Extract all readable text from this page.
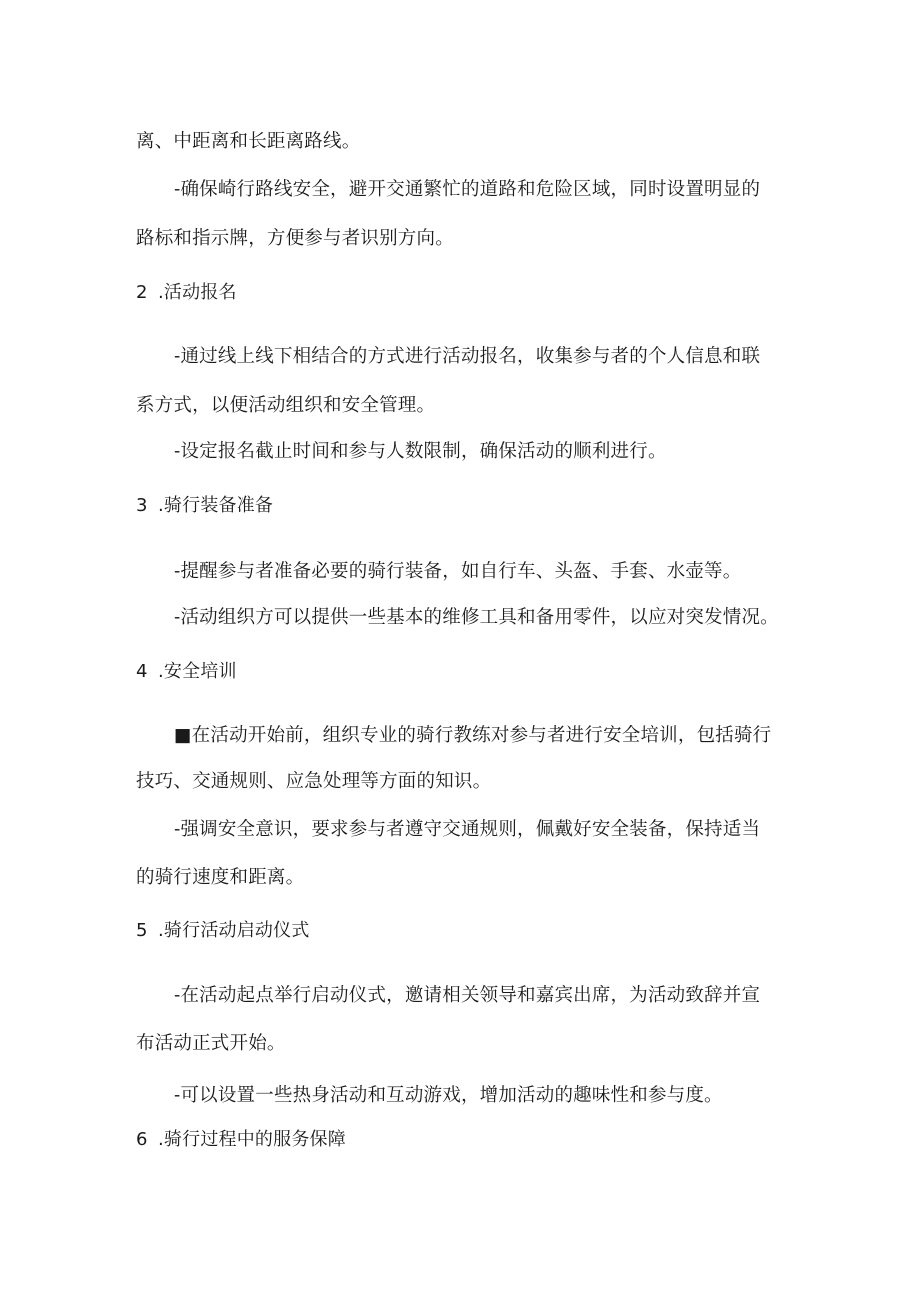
离、中距离和长距离路线。
-确保崎行路线安全，避开交通繁忙的道路和危险区域，同时设置明显的
路标和指示牌，方便参与者识别方向。
2 .活动报名
-通过线上线下相结合的方式进行活动报名，收集参与者的个人信息和联
系方式，以便活动组织和安全管理。
-设定报名截止时间和参与人数限制，确保活动的顺利进行。
3 .骑行装备准备
-提醒参与者准备必要的骑行装备，如自行车、头盔、手套、水壶等。
-活动组织方可以提供一些基本的维修工具和备用零件，以应对突发情况。
4 .安全培训
■在活动开始前，组织专业的骑行教练对参与者进行安全培训，包括骑行
技巧、交通规则、应急处理等方面的知识。
-强调安全意识，要求参与者遵守交通规则，佩戴好安全装备，保持适当
的骑行速度和距离。
5 .骑行活动启动仪式
-在活动起点举行启动仪式，邀请相关领导和嘉宾出席，为活动致辞并宣
布活动正式开始。
-可以设置一些热身活动和互动游戏，增加活动的趣味性和参与度。
6 .骑行过程中的服务保障
